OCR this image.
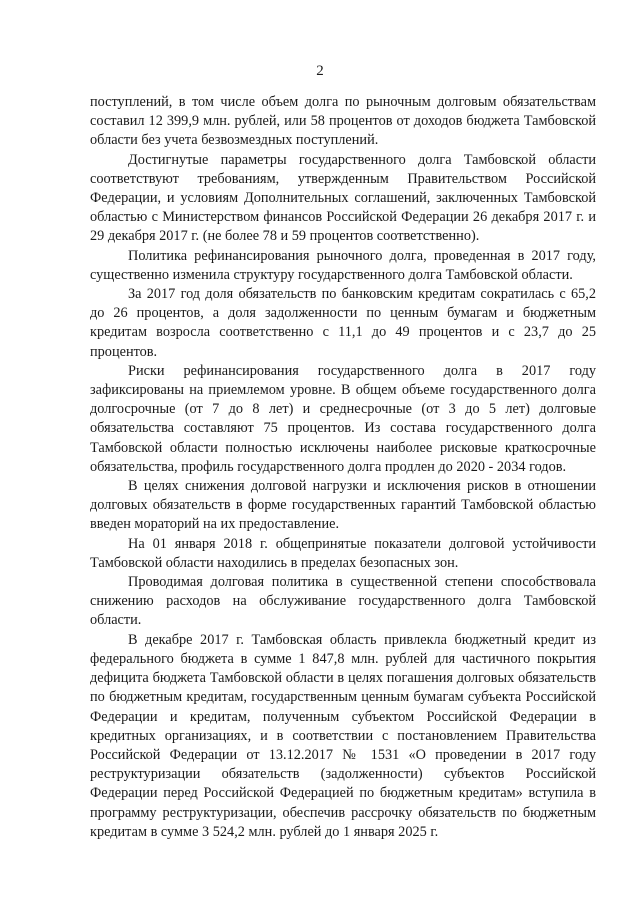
2

поступлений, в том числе объем долга по рыночным долговым обязательствам составил 12 399,9 млн. рублей, или 58 процентов от доходов бюджета Тамбовской области без учета безвозмездных поступлений.

Достигнутые параметры государственного долга Тамбовской области соответствуют требованиям, утвержденным Правительством Российской Федерации, и условиям Дополнительных соглашений, заключенных Тамбовской областью с Министерством финансов Российской Федерации 26 декабря 2017 г. и 29 декабря 2017 г. (не более 78 и 59 процентов соответственно).

Политика рефинансирования рыночного долга, проведенная в 2017 году, существенно изменила структуру государственного долга Тамбовской области.

За 2017 год доля обязательств по банковским кредитам сократилась с 65,2 до 26 процентов, а доля задолженности по ценным бумагам и бюджетным кредитам возросла соответственно с 11,1 до 49 процентов и с 23,7 до 25 процентов.

Риски рефинансирования государственного долга в 2017 году зафиксированы на приемлемом уровне. В общем объеме государственного долга долгосрочные (от 7 до 8 лет) и среднесрочные (от 3 до 5 лет) долговые обязательства составляют 75 процентов. Из состава государственного долга Тамбовской области полностью исключены наиболее рисковые краткосрочные обязательства, профиль государственного долга продлен до 2020 - 2034 годов.

В целях снижения долговой нагрузки и исключения рисков в отношении долговых обязательств в форме государственных гарантий Тамбовской областью введен мораторий на их предоставление.

На 01 января 2018 г. общепринятые показатели долговой устойчивости Тамбовской области находились в пределах безопасных зон.

Проводимая долговая политика в существенной степени способствовала снижению расходов на обслуживание государственного долга Тамбовской области.

В декабре 2017 г. Тамбовская область привлекла бюджетный кредит из федерального бюджета в сумме 1 847,8 млн. рублей для частичного покрытия дефицита бюджета Тамбовской области в целях погашения долговых обязательств по бюджетным кредитам, государственным ценным бумагам субъекта Российской Федерации и кредитам, полученным субъектом Российской Федерации в кредитных организациях, и в соответствии с постановлением Правительства Российской Федерации от 13.12.2017 № 1531 «О проведении в 2017 году реструктуризации обязательств (задолженности) субъектов Российской Федерации перед Российской Федерацией по бюджетным кредитам» вступила в программу реструктуризации, обеспечив рассрочку обязательств по бюджетным кредитам в сумме 3 524,2 млн. рублей до 1 января 2025 г.
